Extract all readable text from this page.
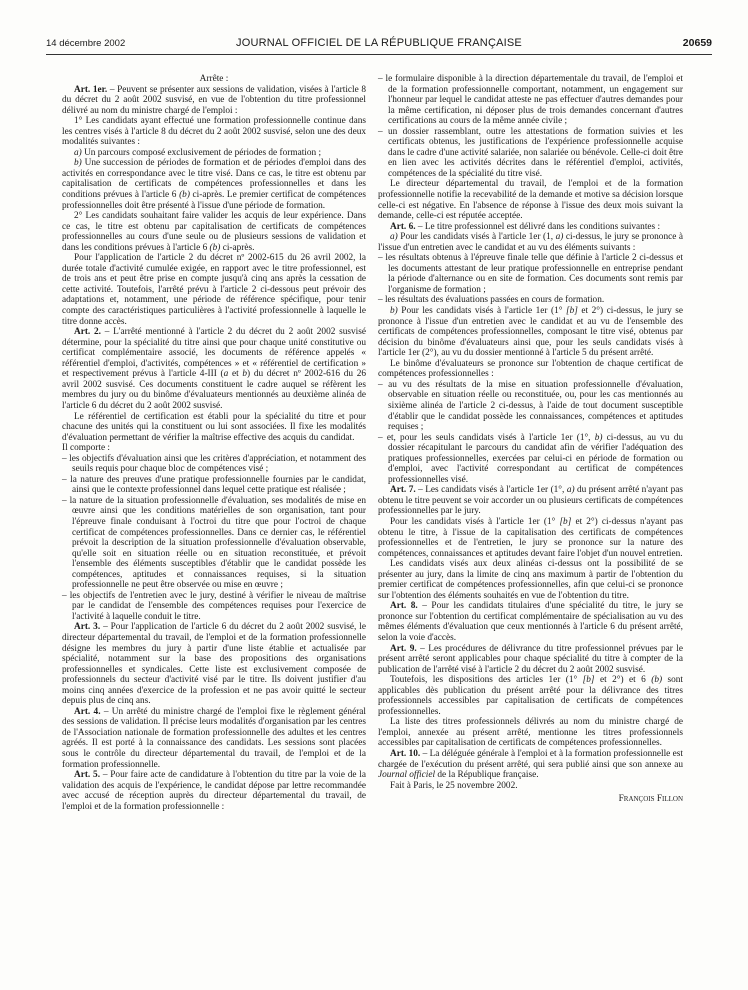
14 décembre 2002	JOURNAL OFFICIEL DE LA RÉPUBLIQUE FRANÇAISE	20659

Arrête :

Art. 1er. – Peuvent se présenter aux sessions de validation, visées à l'article 8 du décret du 2 août 2002 susvisé, en vue de l'obtention du titre professionnel délivré au nom du ministre chargé de l'emploi :

1° Les candidats ayant effectué une formation professionnelle continue dans les centres visés à l'article 8 du décret du 2 août 2002 susvisé, selon une des deux modalités suivantes :

a) Un parcours composé exclusivement de périodes de formation ;

b) Une succession de périodes de formation et de périodes d'emploi dans des activités en correspondance avec le titre visé. Dans ce cas, le titre est obtenu par capitalisation de certificats de compétences professionnelles et dans les conditions prévues à l'article 6 (b) ci-après. Le premier certificat de compétences professionnelles doit être présenté à l'issue d'une période de formation.

2° Les candidats souhaitant faire valider les acquis de leur expérience. Dans ce cas, le titre est obtenu par capitalisation de certificats de compétences professionnelles au cours d'une seule ou de plusieurs sessions de validation et dans les conditions prévues à l'article 6 (b) ci-après.

Pour l'application de l'article 2 du décret nº 2002-615 du 26 avril 2002, la durée totale d'activité cumulée exigée, en rapport avec le titre professionnel, est de trois ans et peut être prise en compte jusqu'à cinq ans après la cessation de cette activité. Toutefois, l'arrêté prévu à l'article 2 ci-dessous peut prévoir des adaptations et, notamment, une période de référence spécifique, pour tenir compte des caractéristiques particulières à l'activité professionnelle à laquelle le titre donne accès.

Art. 2. – L'arrêté mentionné à l'article 2 du décret du 2 août 2002 susvisé détermine, pour la spécialité du titre ainsi que pour chaque unité constitutive ou certificat complémentaire associé, les documents de référence appelés « référentiel d'emploi, d'activités, compétences » et « référentiel de certification » et respectivement prévus à l'article 4-III (a et b) du décret nº 2002-616 du 26 avril 2002 susvisé. Ces documents constituent le cadre auquel se réfèrent les membres du jury ou du binôme d'évaluateurs mentionnés au deuxième alinéa de l'article 6 du décret du 2 août 2002 susvisé.

Le référentiel de certification est établi pour la spécialité du titre et pour chacune des unités qui la constituent ou lui sont associées. Il fixe les modalités d'évaluation permettant de vérifier la maîtrise effective des acquis du candidat.

Il comporte :

– les objectifs d'évaluation ainsi que les critères d'appréciation, et notamment des seuils requis pour chaque bloc de compétences visé ;

– la nature des preuves d'une pratique professionnelle fournies par le candidat, ainsi que le contexte professionnel dans lequel cette pratique est réalisée ;

– la nature de la situation professionnelle d'évaluation, ses modalités de mise en œuvre ainsi que les conditions matérielles de son organisation, tant pour l'épreuve finale conduisant à l'octroi du titre que pour l'octroi de chaque certificat de compétences professionnelles. Dans ce dernier cas, le référentiel prévoit la description de la situation professionnelle d'évaluation observable, qu'elle soit en situation réelle ou en situation reconstituée, et prévoit l'ensemble des éléments susceptibles d'établir que le candidat possède les compétences, aptitudes et connaissances requises, si la situation professionnelle ne peut être observée ou mise en œuvre ;

– les objectifs de l'entretien avec le jury, destiné à vérifier le niveau de maîtrise par le candidat de l'ensemble des compétences requises pour l'exercice de l'activité à laquelle conduit le titre.

Art. 3. – Pour l'application de l'article 6 du décret du 2 août 2002 susvisé, le directeur départemental du travail, de l'emploi et de la formation professionnelle désigne les membres du jury à partir d'une liste établie et actualisée par spécialité, notamment sur la base des propositions des organisations professionnelles et syndicales. Cette liste est exclusivement composée de professionnels du secteur d'activité visé par le titre. Ils doivent justifier d'au moins cinq années d'exercice de la profession et ne pas avoir quitté le secteur depuis plus de cinq ans.

Art. 4. – Un arrêté du ministre chargé de l'emploi fixe le règlement général des sessions de validation. Il précise leurs modalités d'organisation par les centres de l'Association nationale de formation professionnelle des adultes et les centres agréés. Il est porté à la connaissance des candidats. Les sessions sont placées sous le contrôle du directeur départemental du travail, de l'emploi et de la formation professionnelle.

Art. 5. – Pour faire acte de candidature à l'obtention du titre par la voie de la validation des acquis de l'expérience, le candidat dépose par lettre recommandée avec accusé de réception auprès du directeur départemental du travail, de l'emploi et de la formation professionnelle :

– le formulaire disponible à la direction départementale du travail, de l'emploi et de la formation professionnelle comportant, notamment, un engagement sur l'honneur par lequel le candidat atteste ne pas effectuer d'autres demandes pour la même certification, ni déposer plus de trois demandes concernant d'autres certifications au cours de la même année civile ;

– un dossier rassemblant, outre les attestations de formation suivies et les certificats obtenus, les justifications de l'expérience professionnelle acquise dans le cadre d'une activité salariée, non salariée ou bénévole. Celle-ci doit être en lien avec les activités décrites dans le référentiel d'emploi, activités, compétences de la spécialité du titre visé.

Le directeur départemental du travail, de l'emploi et de la formation professionnelle notifie la recevabilité de la demande et motive sa décision lorsque celle-ci est négative. En l'absence de réponse à l'issue des deux mois suivant la demande, celle-ci est réputée acceptée.

Art. 6. – Le titre professionnel est délivré dans les conditions suivantes :

a) Pour les candidats visés à l'article 1er (1, a) ci-dessus, le jury se prononce à l'issue d'un entretien avec le candidat et au vu des éléments suivants :

– les résultats obtenus à l'épreuve finale telle que définie à l'article 2 ci-dessus et les documents attestant de leur pratique professionnelle en entreprise pendant la période d'alternance ou en site de formation. Ces documents sont remis par l'organisme de formation ;

– les résultats des évaluations passées en cours de formation.

b) Pour les candidats visés à l'article 1er (1° [b] et 2°) ci-dessus, le jury se prononce à l'issue d'un entretien avec le candidat et au vu de l'ensemble des certificats de compétences professionnelles, composant le titre visé, obtenus par décision du binôme d'évaluateurs ainsi que, pour les seuls candidats visés à l'article 1er (2°), au vu du dossier mentionné à l'article 5 du présent arrêté.

Le binôme d'évaluateurs se prononce sur l'obtention de chaque certificat de compétences professionnelles :

– au vu des résultats de la mise en situation professionnelle d'évaluation, observable en situation réelle ou reconstituée, ou, pour les cas mentionnés au sixième alinéa de l'article 2 ci-dessus, à l'aide de tout document susceptible d'établir que le candidat possède les connaissances, compétences et aptitudes requises ;

– et, pour les seuls candidats visés à l'article 1er (1°, b) ci-dessus, au vu du dossier récapitulant le parcours du candidat afin de vérifier l'adéquation des pratiques professionnelles, exercées par celui-ci en période de formation ou d'emploi, avec l'activité correspondant au certificat de compétences professionnelles visé.

Art. 7. – Les candidats visés à l'article 1er (1°, a) du présent arrêté n'ayant pas obtenu le titre peuvent se voir accorder un ou plusieurs certificats de compétences professionnelles par le jury.

Pour les candidats visés à l'article 1er (1° [b] et 2°) ci-dessus n'ayant pas obtenu le titre, à l'issue de la capitalisation des certificats de compétences professionnelles et de l'entretien, le jury se prononce sur la nature des compétences, connaissances et aptitudes devant faire l'objet d'un nouvel entretien.

Les candidats visés aux deux alinéas ci-dessus ont la possibilité de se présenter au jury, dans la limite de cinq ans maximum à partir de l'obtention du premier certificat de compétences professionnelles, afin que celui-ci se prononce sur l'obtention des éléments souhaités en vue de l'obtention du titre.

Art. 8. – Pour les candidats titulaires d'une spécialité du titre, le jury se prononce sur l'obtention du certificat complémentaire de spécialisation au vu des mêmes éléments d'évaluation que ceux mentionnés à l'article 6 du présent arrêté, selon la voie d'accès.

Art. 9. – Les procédures de délivrance du titre professionnel prévues par le présent arrêté seront applicables pour chaque spécialité du titre à compter de la publication de l'arrêté visé à l'article 2 du décret du 2 août 2002 susvisé.

Toutefois, les dispositions des articles 1er (1° [b] et 2°) et 6 (b) sont applicables dès publication du présent arrêté pour la délivrance des titres professionnels accessibles par capitalisation de certificats de compétences professionnelles.

La liste des titres professionnels délivrés au nom du ministre chargé de l'emploi, annexée au présent arrêté, mentionne les titres professionnels accessibles par capitalisation de certificats de compétences professionnelles.

Art. 10. – La déléguée générale à l'emploi et à la formation professionnelle est chargée de l'exécution du présent arrêté, qui sera publié ainsi que son annexe au Journal officiel de la République française.

Fait à Paris, le 25 novembre 2002.

François Fillon
